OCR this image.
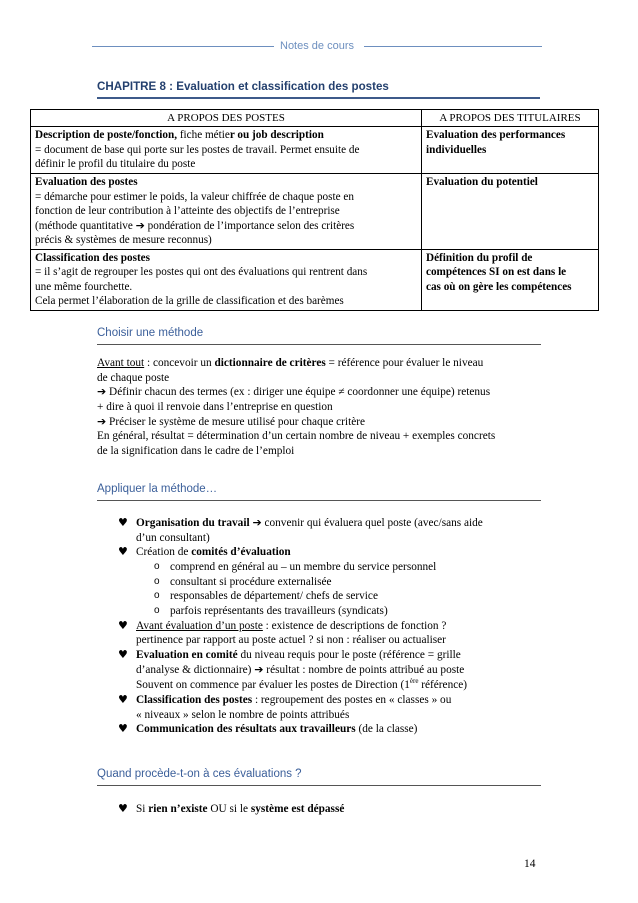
Notes de cours
CHAPITRE 8 : Evaluation et classification des postes
A PROPOS DES POSTES	A PROPOS DES TITULAIRES
Description de poste/fonction, fiche métier ou job description
= document de base qui porte sur les postes de travail. Permet ensuite de
définir le profil du titulaire du poste	Evaluation des performances
individuelles
Evaluation des postes
= démarche pour estimer le poids, la valeur chiffrée de chaque poste en
fonction de leur contribution à l’atteinte des objectifs de l’entreprise
(méthode quantitative ➔ pondération de l’importance selon des critères
précis & systèmes de mesure reconnus)	Evaluation du potentiel
Classification des postes
= il s’agit de regrouper les postes qui ont des évaluations qui rentrent dans
une même fourchette.
Cela permet l’élaboration de la grille de classification et des barèmes	Définition du profil de
compétences SI on est dans le
cas où on gère les compétences
Choisir une méthode
Avant tout : concevoir un dictionnaire de critères = référence pour évaluer le niveau
de chaque poste
➔ Définir chacun des termes (ex : diriger une équipe ≠ coordonner une équipe) retenus
+ dire à quoi il renvoie dans l’entreprise en question
➔ Préciser le système de mesure utilisé pour chaque critère
En général, résultat = détermination d’un certain nombre de niveau + exemples concrets
de la signification dans le cadre de l’emploi
Appliquer la méthode…
♥ Organisation du travail ➔ convenir qui évaluera quel poste (avec/sans aide
d’un consultant)
♥ Création de comités d’évaluation
o comprend en général au – un membre du service personnel
o consultant si procédure externalisée
o responsables de département/ chefs de service
o parfois représentants des travailleurs (syndicats)
♥ Avant évaluation d’un poste : existence de descriptions de fonction ?
pertinence par rapport au poste actuel ? si non : réaliser ou actualiser
♥ Evaluation en comité du niveau requis pour le poste (référence = grille
d’analyse & dictionnaire) ➔ résultat : nombre de points attribué au poste
Souvent on commence par évaluer les postes de Direction (1ère référence)
♥ Classification des postes : regroupement des postes en « classes » ou
« niveaux » selon le nombre de points attribués
♥ Communication des résultats aux travailleurs (de la classe)
Quand procède-t-on à ces évaluations ?
♥ Si rien n’existe OU si le système est dépassé
14
